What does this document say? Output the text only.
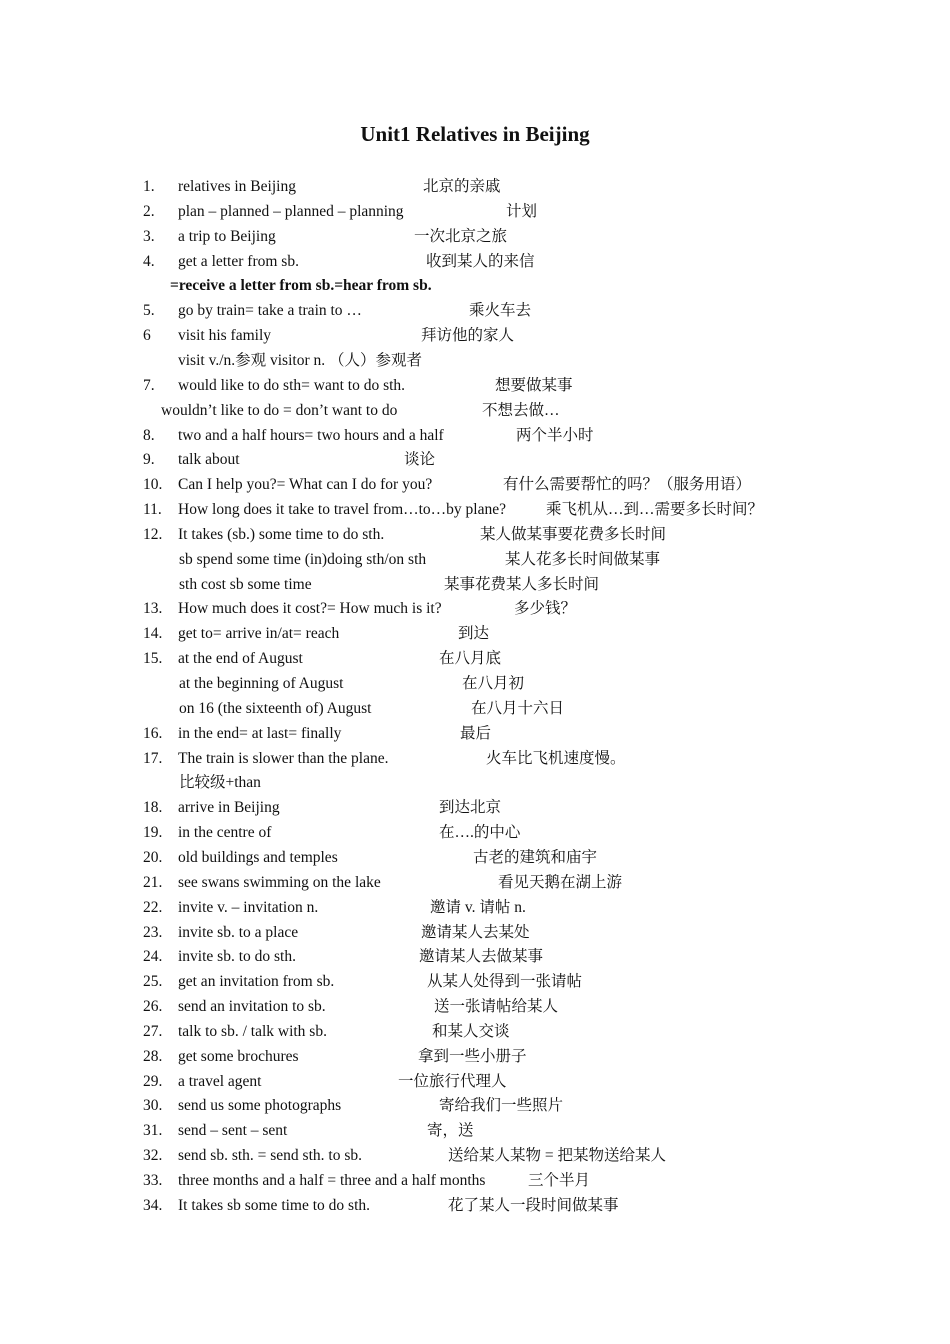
Unit1 Relatives in Beijing
1. relatives in Beijing	北京的亲戚
2. plan – planned – planned – planning	计划
3. a trip to Beijing	一次北京之旅
4. get a letter from sb.	收到某人的来信
=receive a letter from sb.=hear from sb.
5. go by train= take a train to …	乘火车去
6 visit his family	拜访他的家人
visit v./n.参观 visitor n. （人）参观者
7. would like to do sth= want to do sth.	想要做某事
wouldn’t like to do = don’t want to do	不想去做…
8. two and a half hours= two hours and a half	两个半小时
9. talk about	谈论
10. Can I help you?= What can I do for you?	有什么需要帮忙的吗？（服务用语）
11. How long does it take to travel from…to…by plane?	乘飞机从…到…需要多长时间？
12. It takes (sb.) some time to do sth.	某人做某事要花费多长时间
sb spend some time (in)doing sth/on sth	某人花多长时间做某事
sth cost sb some time	某事花费某人多长时间
13. How much does it cost?= How much is it?	多少钱？
14. get to= arrive in/at= reach	到达
15. at the end of August	在八月底
at the beginning of August	在八月初
on 16 (the sixteenth of) August	在八月十六日
16. in the end= at last= finally	最后
17. The train is slower than the plane.	火车比飞机速度慢。
比较级+than
18. arrive in Beijing	到达北京
19. in the centre of	在….的中心
20. old buildings and temples	古老的建筑和庙宇
21. see swans swimming on the lake	看见天鹅在湖上游
22. invite v. – invitation n.	邀请 v. 请帖 n.
23. invite sb. to a place	邀请某人去某处
24. invite sb. to do sth.	邀请某人去做某事
25. get an invitation from sb.	从某人处得到一张请帖
26. send an invitation to sb.	送一张请帖给某人
27. talk to sb. / talk with sb.	和某人交谈
28. get some brochures	拿到一些小册子
29. a travel agent	一位旅行代理人
30. send us some photographs	寄给我们一些照片
31. send – sent – sent	寄，送
32. send sb. sth. = send sth. to sb.	送给某人某物 = 把某物送给某人
33. three months and a half = three and a half months	三个半月
34. It takes sb some time to do sth.	花了某人一段时间做某事
